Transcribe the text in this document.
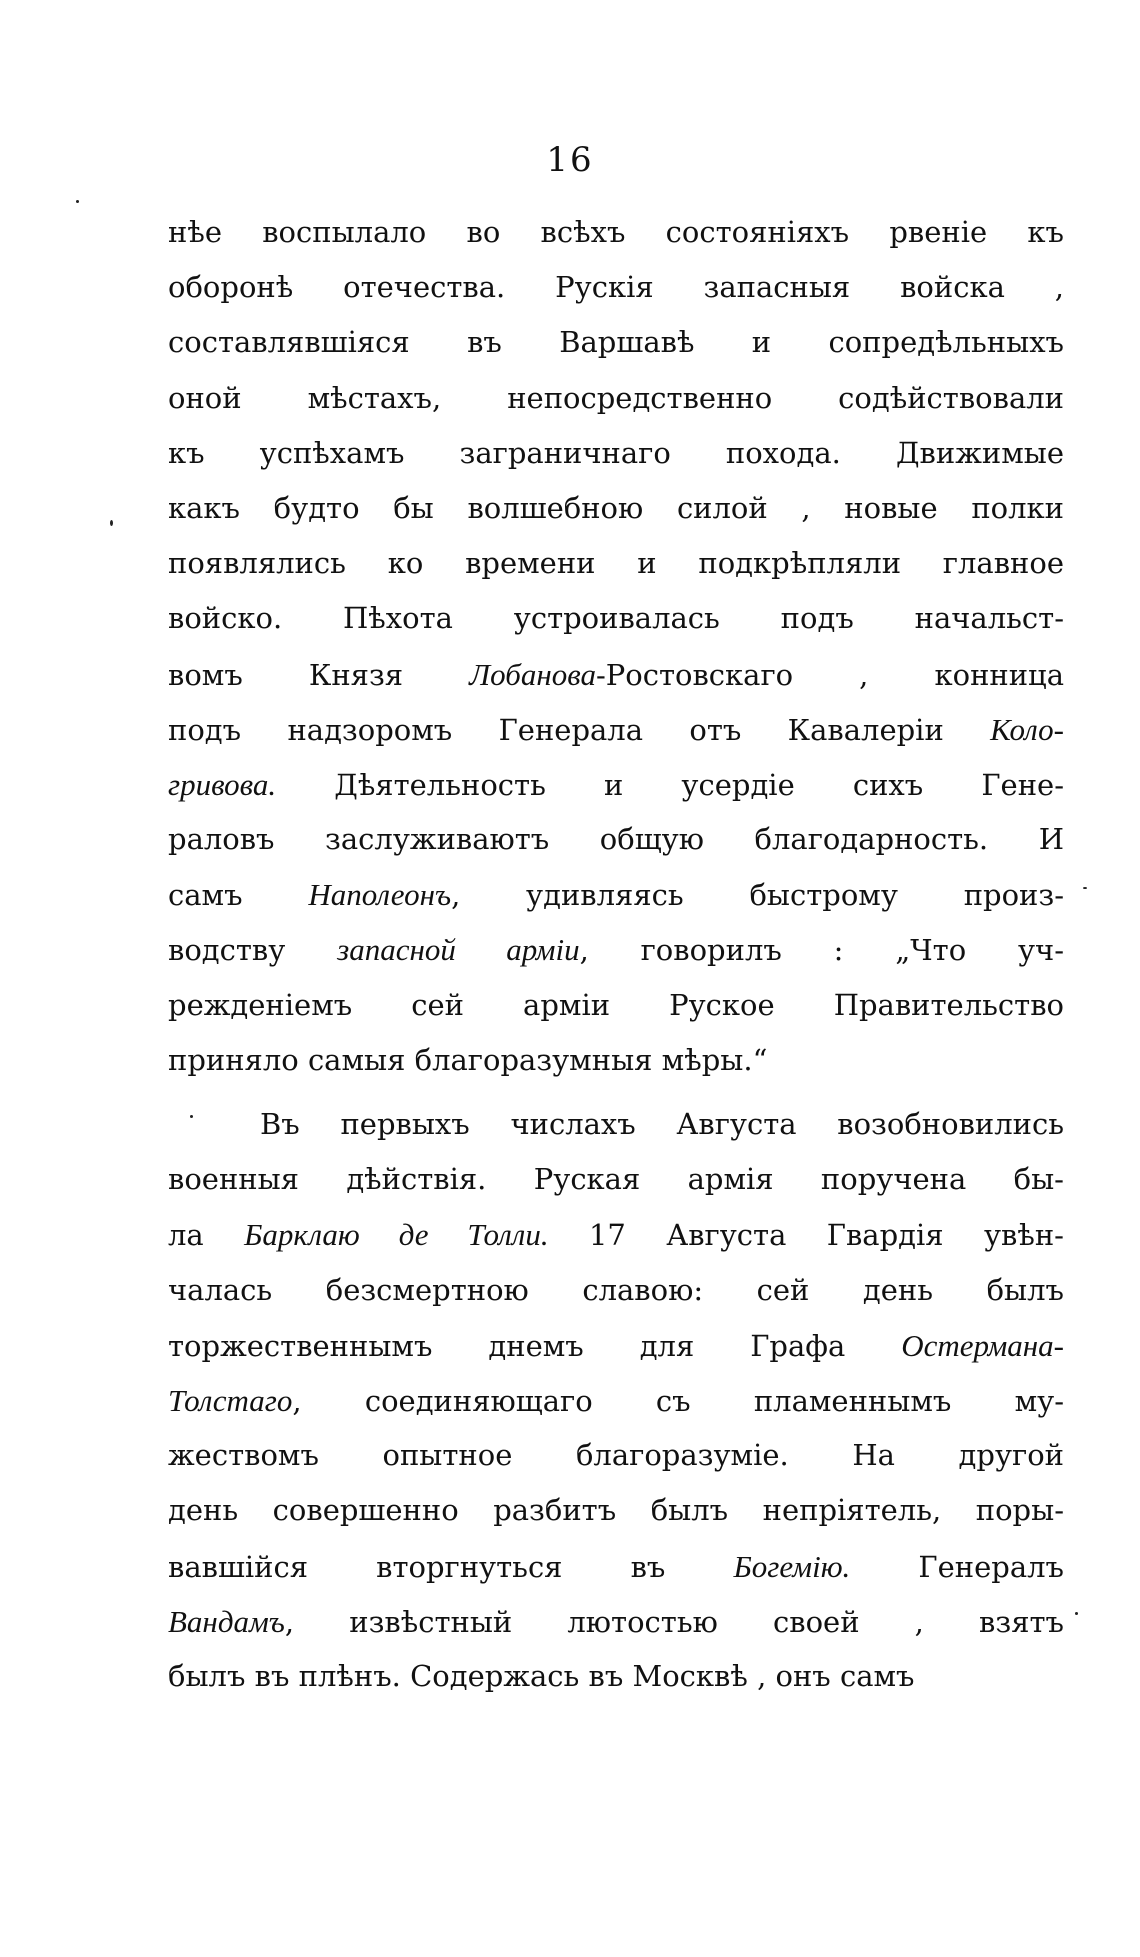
16
нѣе воспылало во всѣхъ состояніяхъ рвеніе къ
оборонѣ отечества. Рускія запасныя войска ,
составлявшіяся въ Варшавѣ и сопредѣльныхъ
оной мѣстахъ, непосредственно содѣйствовали
къ успѣхамъ заграничнаго похода. Движимые
какъ будто бы волшебною силой , новые полки
появлялись ко времени и подкрѣпляли главное
войско. Пѣхота устроивалась подъ начальст-
вомъ Князя Лобанова-Ростовскаго , конница
подъ надзоромъ Генерала отъ Кавалеріи Коло-
гривова. Дѣятельность и усердіе сихъ Гене-
раловъ заслуживаютъ общую благодарность. И
самъ Наполеонъ, удивляясь быстрому произ-
водству запасной арміи, говорилъ : „Что уч-
режденіемъ сей арміи Руское Правительство
приняло самыя благоразумныя мѣры.“
Въ первыхъ числахъ Августа возобновились
военныя дѣйствія. Руская армія поручена бы-
ла Барклаю де Толли. 17 Августа Гвардія увѣн-
чалась безсмертною славою: сей день былъ
торжественнымъ днемъ для Графа Остермана-
Толстаго, соединяющаго съ пламеннымъ му-
жествомъ опытное благоразуміе. На другой
день совершенно разбитъ былъ непріятель, поры-
вавшійся вторгнуться въ Богемію. Генералъ
Вандамъ, извѣстный лютостью своей , взятъ
былъ въ плѣнъ. Содержась въ Москвѣ , онъ самъ
